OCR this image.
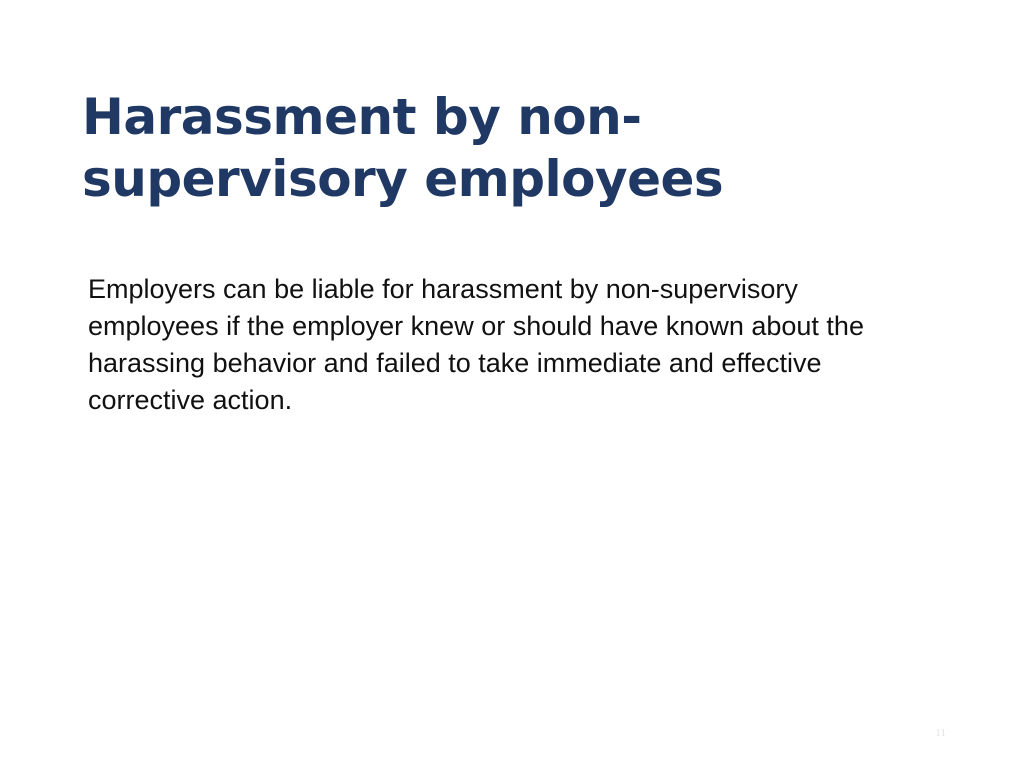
Harassment by non-
supervisory employees

Employers can be liable for harassment by non-supervisory employees if the employer knew or should have known about the harassing behavior and failed to take immediate and effective corrective action.

11
